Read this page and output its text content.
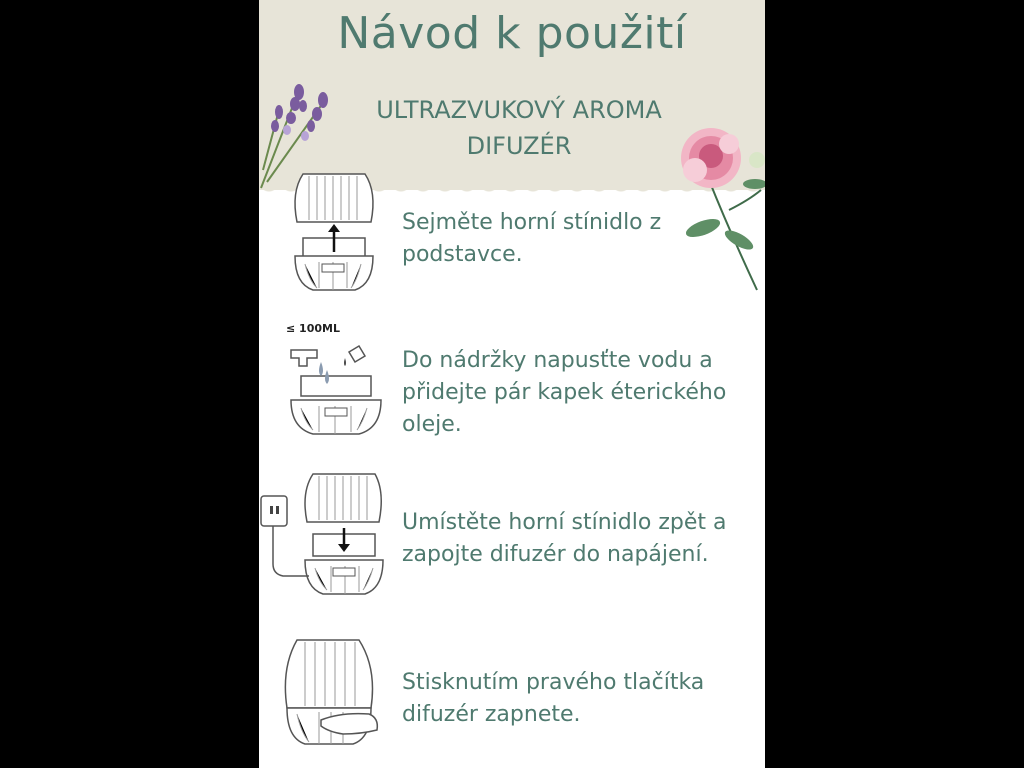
Návod k použití
ULTRAZVUKOVÝ AROMA DIFUZÉR
Sejměte horní stínidlo z podstavce.
≤ 100ML
Do nádržky napusťte vodu a přidejte pár kapek éterického oleje.
Umístěte horní stínidlo zpět a zapojte difuzér do napájení.
Stisknutím pravého tlačítka difuzér zapnete.
